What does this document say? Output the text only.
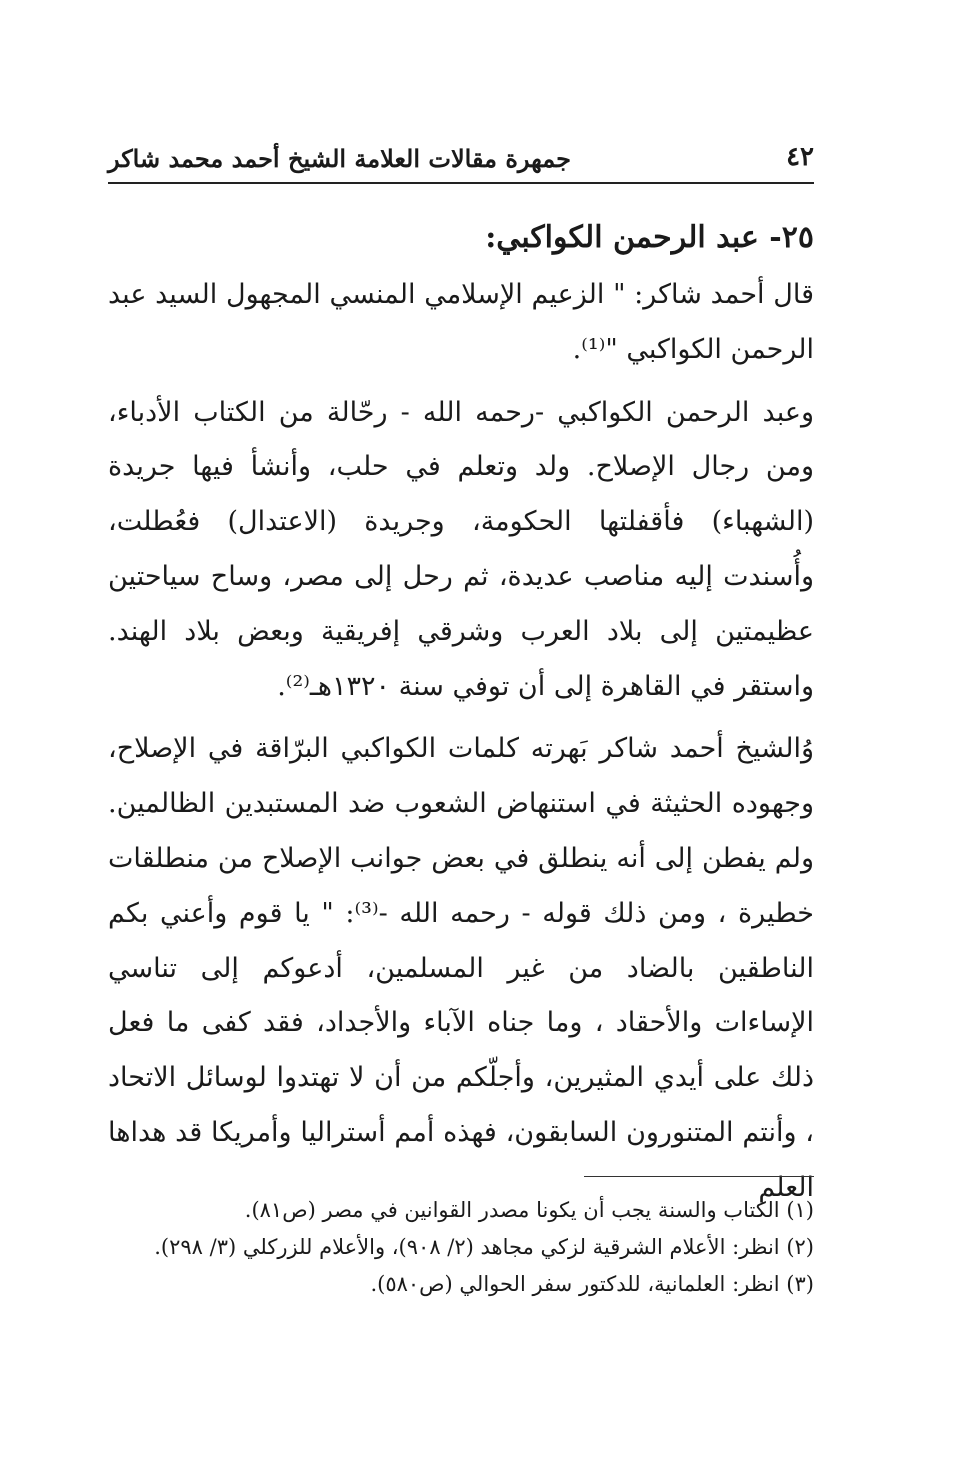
٤٢
جمهرة مقالات العلامة الشيخ أحمد محمد شاكر

٢٥- عبد الرحمن الكواكبي:

قال أحمد شاكر: " الزعيم الإسلامي المنسي المجهول السيد عبد الرحمن الكواكبي "⁽¹⁾.

وعبد الرحمن الكواكبي -رحمه الله - رحّالة من الكتاب الأدباء، ومن رجال الإصلاح. ولد وتعلم في حلب، وأنشأ فيها جريدة (الشهباء) فأقفلتها الحكومة، وجريدة (الاعتدال) فعُطلت، وأُسندت إليه مناصب عديدة، ثم رحل إلى مصر، وساح سياحتين عظيمتين إلى بلاد العرب وشرقي إفريقية وبعض بلاد الهند. واستقر في القاهرة إلى أن توفي سنة ١٣٢٠هـ⁽²⁾.

وُالشيخ أحمد شاكر بَهرته كلمات الكواكبي البرّاقة في الإصلاح، وجهوده الحثيثة في استنهاض الشعوب ضد المستبدين الظالمين. ولم يفطن إلى أنه ينطلق في بعض جوانب الإصلاح من منطلقات خطيرة ، ومن ذلك قوله - رحمه الله -⁽³⁾: " يا قوم وأعني بكم الناطقين بالضاد من غير المسلمين، أدعوكم إلى تناسي الإساءات والأحقاد ، وما جناه الآباء والأجداد، فقد كفى ما فعل ذلك على أيدي المثيرين، وأجلّكم من أن لا تهتدوا لوسائل الاتحاد ، وأنتم المتنورون السابقون، فهذه أمم أستراليا وأمريكا قد هداها العلم

(١) الكتاب والسنة يجب أن يكونا مصدر القوانين في مصر (ص٨١).

(٢) انظر: الأعلام الشرقية لزكي مجاهد (٢/ ٩٠٨)، والأعلام للزركلي (٣/ ٢٩٨).

(٣) انظر: العلمانية، للدكتور سفر الحوالي (ص٥٨٠).
